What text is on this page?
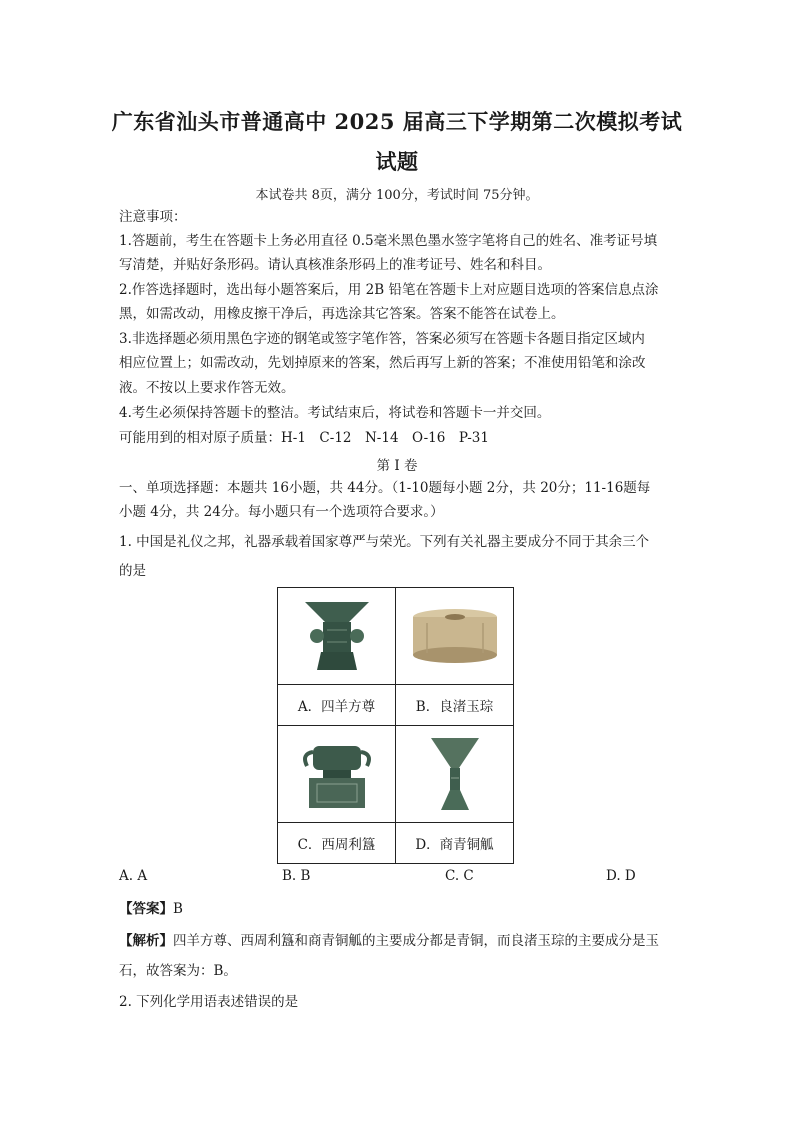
广东省汕头市普通高中 2025 届高三下学期第二次模拟考试
试题
本试卷共 8页，满分 100分，考试时间 75分钟。

注意事项：

1.答题前，考生在答题卡上务必用直径 0.5毫米黑色墨水签字笔将自己的姓名、准考证号填

写清楚，并贴好条形码。请认真核准条形码上的准考证号、姓名和科目。

2.作答选择题时，选出每小题答案后，用 2B 铅笔在答题卡上对应题目选项的答案信息点涂

黑，如需改动，用橡皮擦干净后，再选涂其它答案。答案不能答在试卷上。

3.非选择题必须用黑色字迹的钢笔或签字笔作答，答案必须写在答题卡各题目指定区域内

相应位置上；如需改动，先划掉原来的答案，然后再写上新的答案；不准使用铅笔和涂改

液。不按以上要求作答无效。

4.考生必须保持答题卡的整洁。考试结束后，将试卷和答题卡一并交回。

可能用到的相对原子质量：H-1　C-12　N-14　O-16　P-31

第 I 卷

一、单项选择题：本题共 16小题，共 44分。（1-10题每小题 2分，共 20分；11-16题每

小题 4分，共 24分。每小题只有一个选项符合要求。）

1. 中国是礼仪之邦，礼器承载着国家尊严与荣光。下列有关礼器主要成分不同于其余三个

的是

A．四羊方尊	B．良渚玉琮

C．西周利簋	D．商青铜觚
A. A	B. B	C. C	D. D

【答案】B

【解析】四羊方尊、西周利簋和商青铜觚的主要成分都是青铜，而良渚玉琮的主要成分是玉

石，故答案为：B。

2. 下列化学用语表述错误的是
